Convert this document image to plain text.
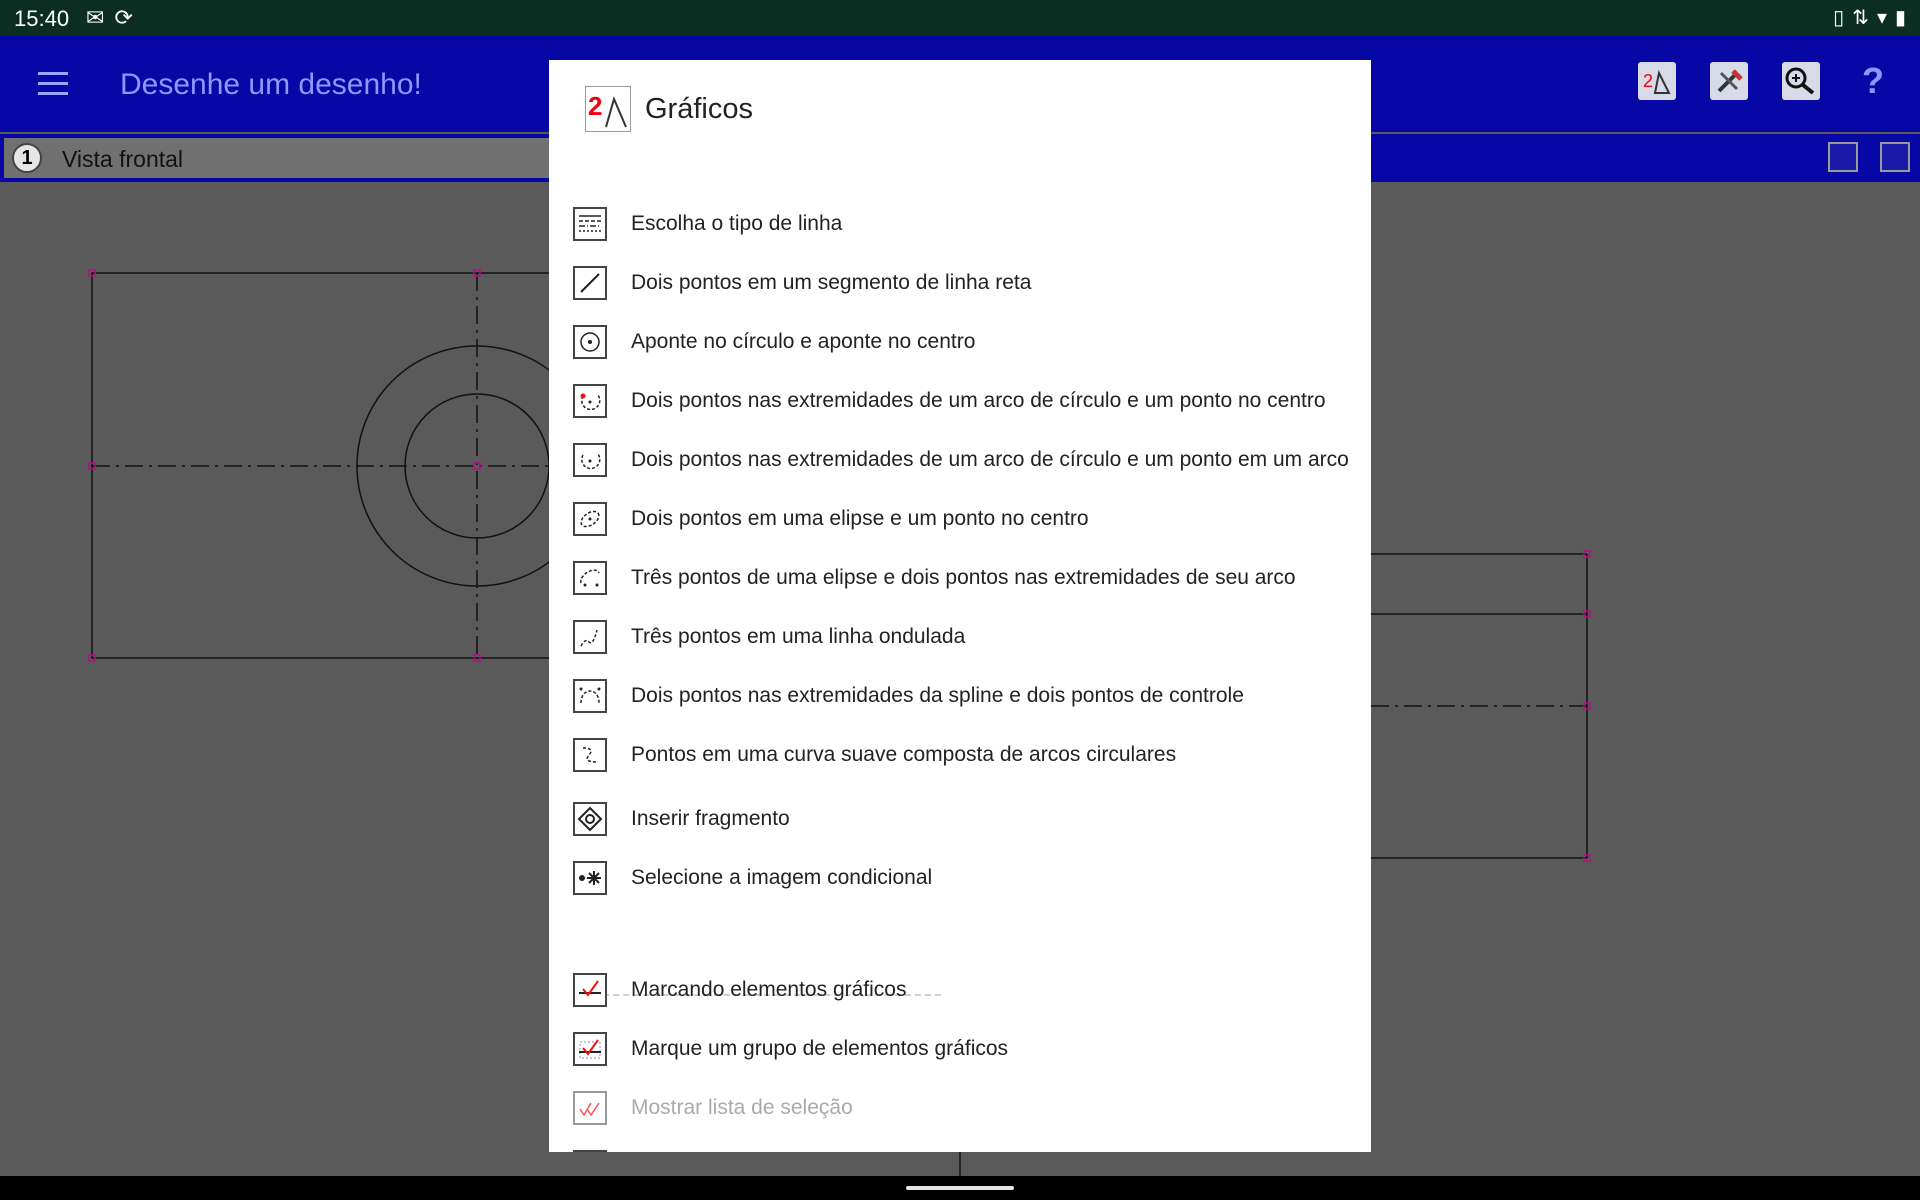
15:40 ✉ ⟳	▯ ⇅ ▾ ▮
Desenhe um desenho!	2	?
1	Vista frontal
2 Gráficos
Escolha o tipo de linha
Dois pontos em um segmento de linha reta
Aponte no círculo e aponte no centro
Dois pontos nas extremidades de um arco de círculo e um ponto no centro
Dois pontos nas extremidades de um arco de círculo e um ponto em um arco
Dois pontos em uma elipse e um ponto no centro
Três pontos de uma elipse e dois pontos nas extremidades de seu arco
Três pontos em uma linha ondulada
Dois pontos nas extremidades da spline e dois pontos de controle
Pontos em uma curva suave composta de arcos circulares
Inserir fragmento
Selecione a imagem condicional
Marcando elementos gráficos
Marque um grupo de elementos gráficos
Mostrar lista de seleção
